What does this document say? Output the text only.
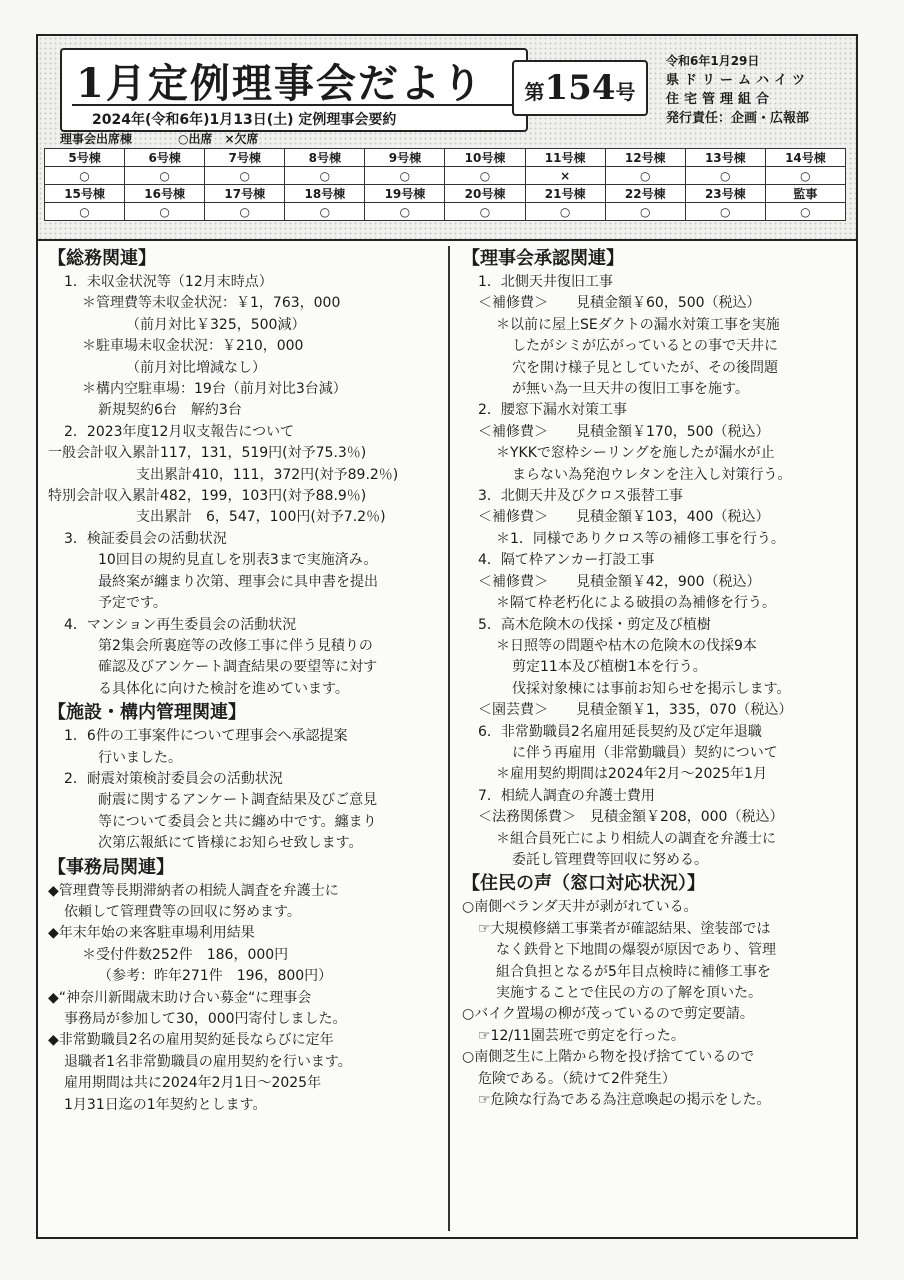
1月定例理事会だより
2024年(令和6年)1月13日(土) 定例理事会要約
第154号
令和6年1月29日
県ドリームハイツ
住宅管理組合
発行責任：企画・広報部
理事会出席棟	○出席　×欠席
5号棟	6号棟	7号棟	8号棟	9号棟	10号棟	11号棟	12号棟	13号棟	14号棟
○	○	○	○	○	○	×	○	○	○
15号棟	16号棟	17号棟	18号棟	19号棟	20号棟	21号棟	22号棟	23号棟	監事
○	○	○	○	○	○	○	○	○	○
【総務関連】
1．未収金状況等（12月末時点）
＊管理費等未収金状況：￥1，763，000
（前月対比￥325，500減）
＊駐車場未収金状況：￥210，000
（前月対比増減なし）
＊構内空駐車場：19台（前月対比3台減）
新規契約6台　解約3台
2．2023年度12月収支報告について
一般会計収入累計117，131，519円(対予75.3％)
支出累計410，111，372円(対予89.2％)
特別会計収入累計482，199，103円(対予88.9％)
支出累計　6，547，100円(対予7.2％)
3．検証委員会の活動状況
10回目の規約見直しを別表3まで実施済み。
最終案が纏まり次第、理事会に具申書を提出
予定です。
4．マンション再生委員会の活動状況
第2集会所裏庭等の改修工事に伴う見積りの
確認及びアンケート調査結果の要望等に対す
る具体化に向けた検討を進めています。
【施設・構内管理関連】
1．6件の工事案件について理事会へ承認提案
行いました。
2．耐震対策検討委員会の活動状況
耐震に関するアンケート調査結果及びご意見
等について委員会と共に纏め中です。纏まり
次第広報紙にて皆様にお知らせ致します。
【事務局関連】
◆管理費等長期滞納者の相続人調査を弁護士に
依頼して管理費等の回収に努めます。
◆年末年始の来客駐車場利用結果
＊受付件数252件　186，000円
（参考：昨年271件　196，800円）
◆“神奈川新聞歳末助け合い募金“に理事会
事務局が参加して30，000円寄付しました。
◆非常勤職員2名の雇用契約延長ならびに定年
退職者1名非常勤職員の雇用契約を行います。
雇用期間は共に2024年2月1日～2025年
1月31日迄の1年契約とします。
【理事会承認関連】
1．北側天井復旧工事
＜補修費＞　　見積金額￥60，500（税込）
＊以前に屋上SEダクトの漏水対策工事を実施
したがシミが広がっているとの事で天井に
穴を開け様子見としていたが、その後問題
が無い為一旦天井の復旧工事を施す。
2．腰窓下漏水対策工事
＜補修費＞　　見積金額￥170，500（税込）
＊YKKで窓枠シーリングを施したが漏水が止
まらない為発泡ウレタンを注入し対策行う。
3．北側天井及びクロス張替工事
＜補修費＞　　見積金額￥103，400（税込）
＊1．同様でありクロス等の補修工事を行う。
4．隔て枠アンカー打設工事
＜補修費＞　　見積金額￥42，900（税込）
＊隔て枠老朽化による破損の為補修を行う。
5．高木危険木の伐採・剪定及び植樹
＊日照等の問題や枯木の危険木の伐採9本
剪定11本及び植樹1本を行う。
伐採対象棟には事前お知らせを掲示します。
＜園芸費＞　　見積金額￥1，335，070（税込）
6．非常勤職員2名雇用延長契約及び定年退職
に伴う再雇用（非常勤職員）契約について
＊雇用契約期間は2024年2月～2025年1月
7．相続人調査の弁護士費用
＜法務関係費＞　見積金額￥208，000（税込）
＊組合員死亡により相続人の調査を弁護士に
委託し管理費等回収に努める。
【住民の声（窓口対応状況）】
○南側ベランダ天井が剥がれている。
☞大規模修繕工事業者が確認結果、塗装部では
なく鉄骨と下地間の爆裂が原因であり、管理
組合負担となるが5年目点検時に補修工事を
実施することで住民の方の了解を頂いた。
○バイク置場の柳が茂っているので剪定要請。
☞12/11園芸班で剪定を行った。
○南側芝生に上階から物を投げ捨てているので
危険である。（続けて2件発生）
☞危険な行為である為注意喚起の掲示をした。
